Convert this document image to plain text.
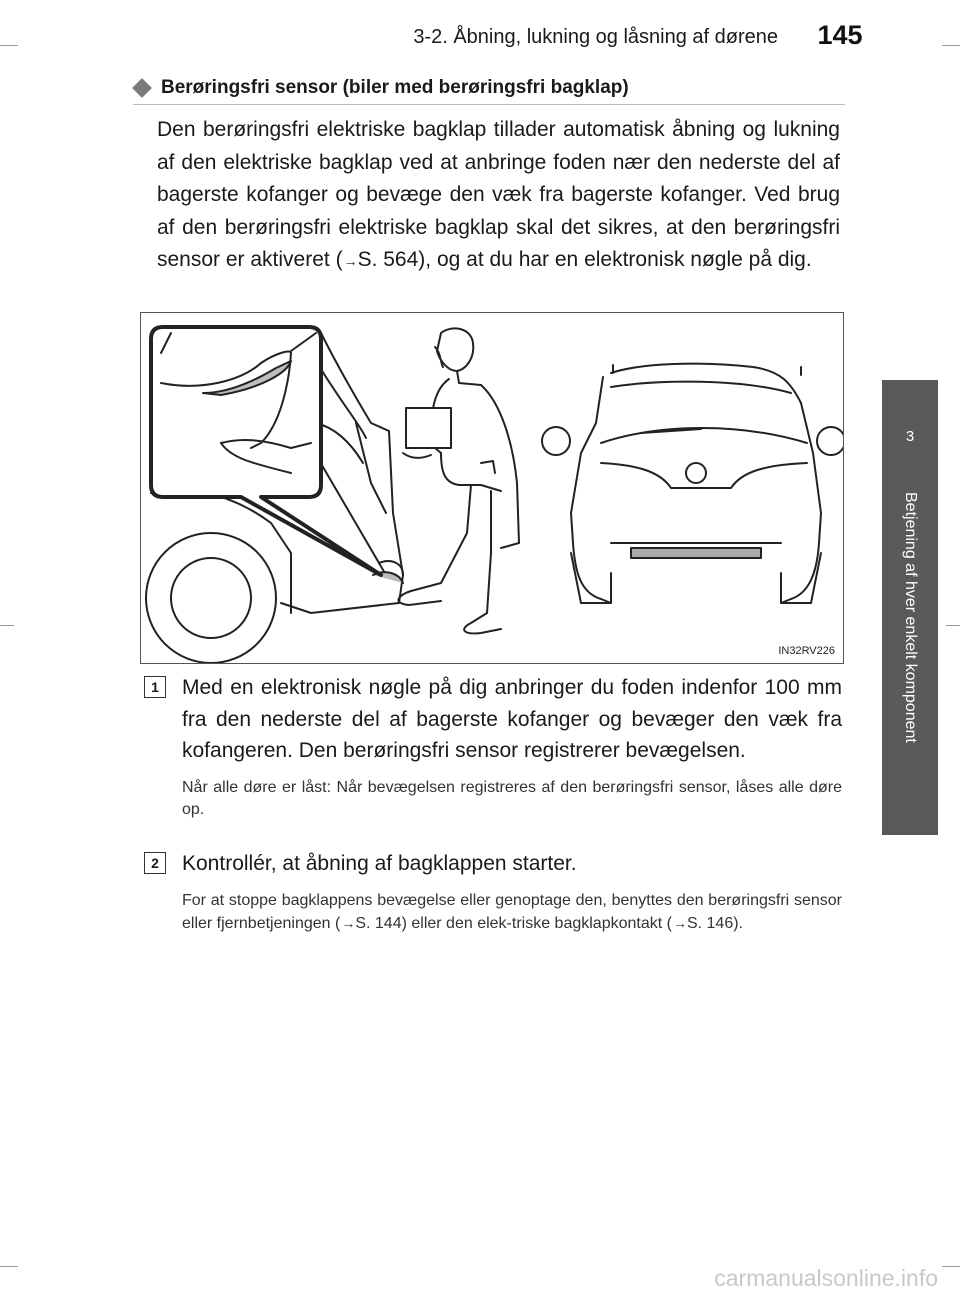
3-2. Åbning, lukning og låsning af dørene	145
3
Betjening af hver enkelt komponent
Berøringsfri sensor (biler med berøringsfri bagklap)
Den berøringsfri elektriske bagklap tillader automatisk åbning og lukning af den elektriske bagklap ved at anbringe foden nær den nederste del af bagerste kofanger og bevæge den væk fra bagerste kofanger. Ved brug af den berøringsfri elektriske bagklap skal det sikres, at den berøringsfri sensor er aktiveret (→S. 564), og at du har en elektronisk nøgle på dig.
IN32RV226
1	Med en elektronisk nøgle på dig anbringer du foden indenfor 100 mm fra den nederste del af bagerste kofanger og bevæger den væk fra kofangeren. Den berøringsfri sensor registrerer bevægelsen.
Når alle døre er låst: Når bevægelsen registreres af den berøringsfri sensor, låses alle døre op.
2	Kontrollér, at åbning af bagklappen starter.
For at stoppe bagklappens bevægelse eller genoptage den, benyttes den berøringsfri sensor eller fjernbetjeningen (→S. 144) eller den elek-triske bagklapkontakt (→S. 146).
carmanualsonline.info
